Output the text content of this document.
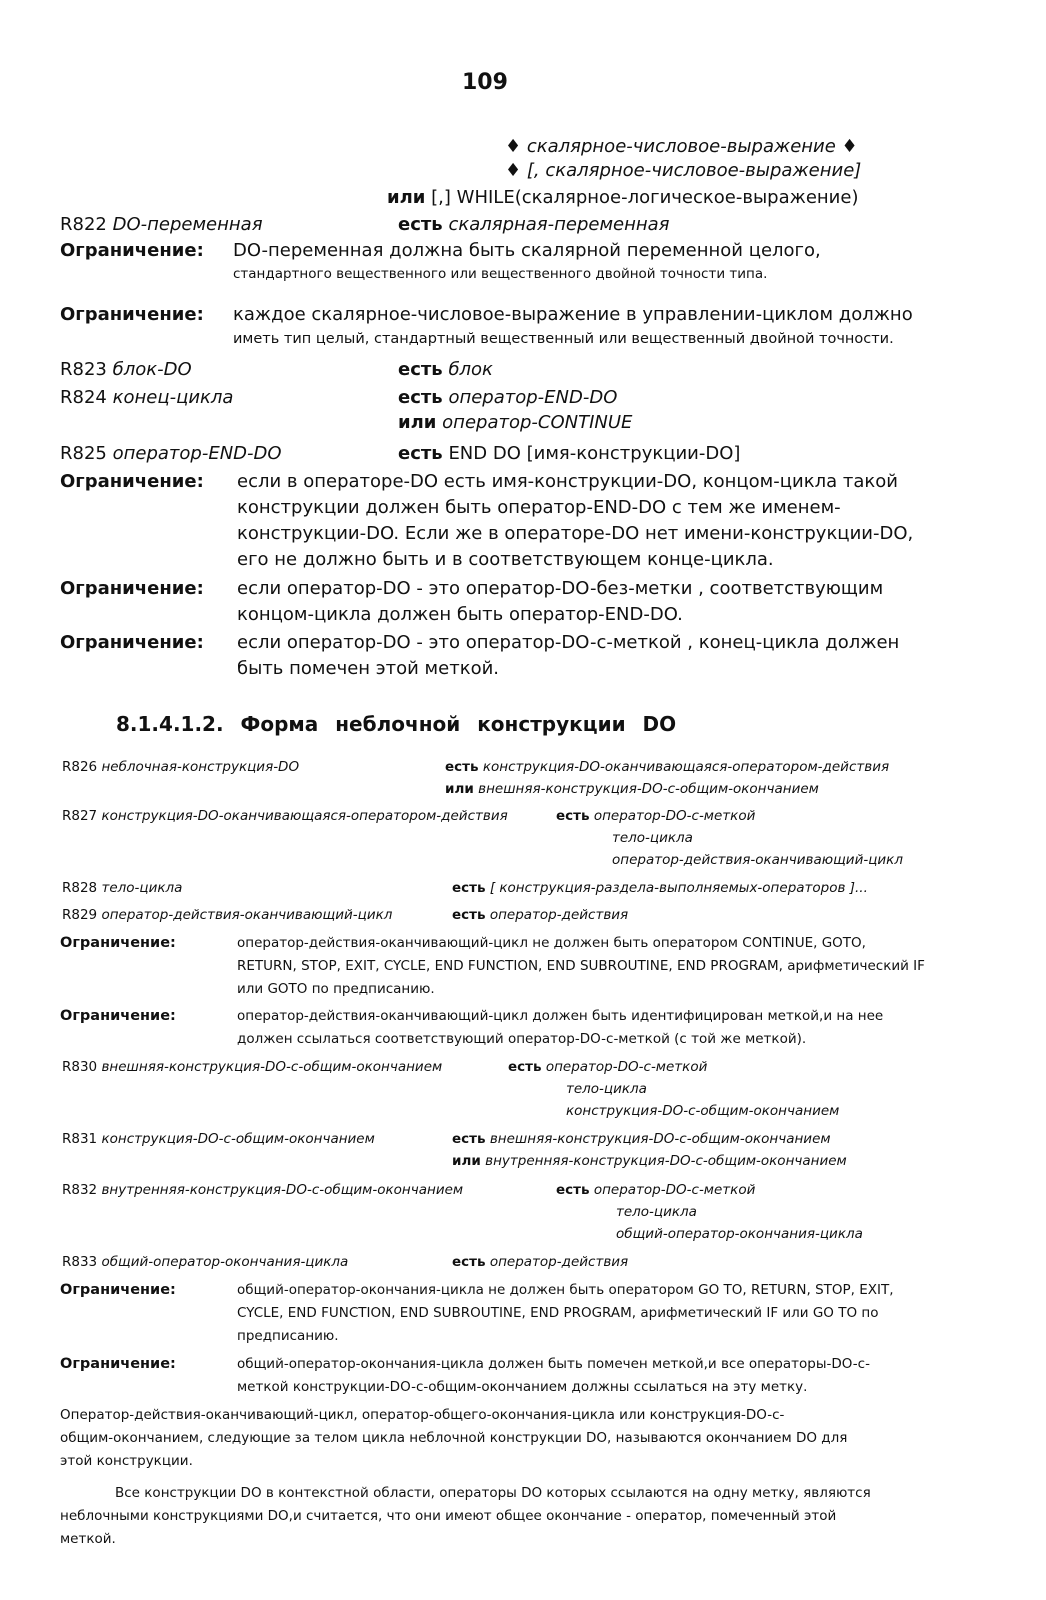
109
♦ скалярное-числовое-выражение ♦
♦ [, скалярное-числовое-выражение]
или [,] WHILE(скалярное-логическое-выражение)
R822 DO-переменная	есть скалярная-переменная
Ограничение: DO-переменная должна быть скалярной переменной целого,
стандартного вещественного или вещественного двойной точности типа.
Ограничение: каждое скалярное-числовое-выражение в управлении-циклом должно
иметь тип целый, стандартный вещественный или вещественный двойной точности.
R823 блок-DO	есть блок
R824 конец-цикла	есть оператор-END-DO
или оператор-CONTINUE
R825 оператор-END-DO	есть END DO [имя-конструкции-DO]
Ограничение: если в операторе-DO есть имя-конструкции-DO, концом-цикла такой
конструкции должен быть оператор-END-DO с тем же именем-
конструкции-DO. Если же в операторе-DO нет имени-конструкции-DO,
его не должно быть и в соответствующем конце-цикла.
Ограничение: если оператор-DO - это оператор-DO-без-метки , соответствующим
концом-цикла должен быть оператор-END-DO.
Ограничение: если оператор-DO - это оператор-DO-с-меткой , конец-цикла должен
быть помечен этой меткой.
8.1.4.1.2. Форма неблочной конструкции DO
R826 неблочная-конструкция-DO	есть конструкция-DO-оканчивающаяся-оператором-действия
или внешняя-конструкция-DO-с-общим-окончанием
R827 конструкция-DO-оканчивающаяся-оператором-действия	есть оператор-DO-с-меткой
тело-цикла
оператор-действия-оканчивающий-цикл
R828 тело-цикла	есть [ конструкция-раздела-выполняемых-операторов ]...
R829 оператор-действия-оканчивающий-цикл	есть оператор-действия
Ограничение:	оператор-действия-оканчивающий-цикл не должен быть оператором CONTINUE, GOTO,
RETURN, STOP, EXIT, CYCLE, END FUNCTION, END SUBROUTINE, END PROGRAM, арифметический IF
или GOTO по предписанию.
Ограничение:	оператор-действия-оканчивающий-цикл должен быть идентифицирован меткой,и на нее
должен ссылаться соответствующий оператор-DO-с-меткой (с той же меткой).
R830 внешняя-конструкция-DO-с-общим-окончанием	есть оператор-DO-с-меткой
тело-цикла
конструкция-DO-с-общим-окончанием
R831 конструкция-DO-с-общим-окончанием	есть внешняя-конструкция-DO-с-общим-окончанием
или внутренняя-конструкция-DO-с-общим-окончанием
R832 внутренняя-конструкция-DO-с-общим-окончанием	есть оператор-DO-с-меткой
тело-цикла
общий-оператор-окончания-цикла
R833 общий-оператор-окончания-цикла	есть оператор-действия
Ограничение:	общий-оператор-окончания-цикла не должен быть оператором GO TO, RETURN, STOP, EXIT,
CYCLE, END FUNCTION, END SUBROUTINE, END PROGRAM, арифметический IF или GO TO по
предписанию.
Ограничение:	общий-оператор-окончания-цикла должен быть помечен меткой,и все операторы-DO-с-
меткой конструкции-DO-с-общим-окончанием должны ссылаться на эту метку.
Оператор-действия-оканчивающий-цикл, оператор-общего-окончания-цикла или конструкция-DO-с-
общим-окончанием, следующие за телом цикла неблочной конструкции DO, называются окончанием DO для
этой конструкции.
Все конструкции DO в контекстной области, операторы DO которых ссылаются на одну метку, являются
неблочными конструкциями DO,и считается, что они имеют общее окончание - оператор, помеченный этой
меткой.
